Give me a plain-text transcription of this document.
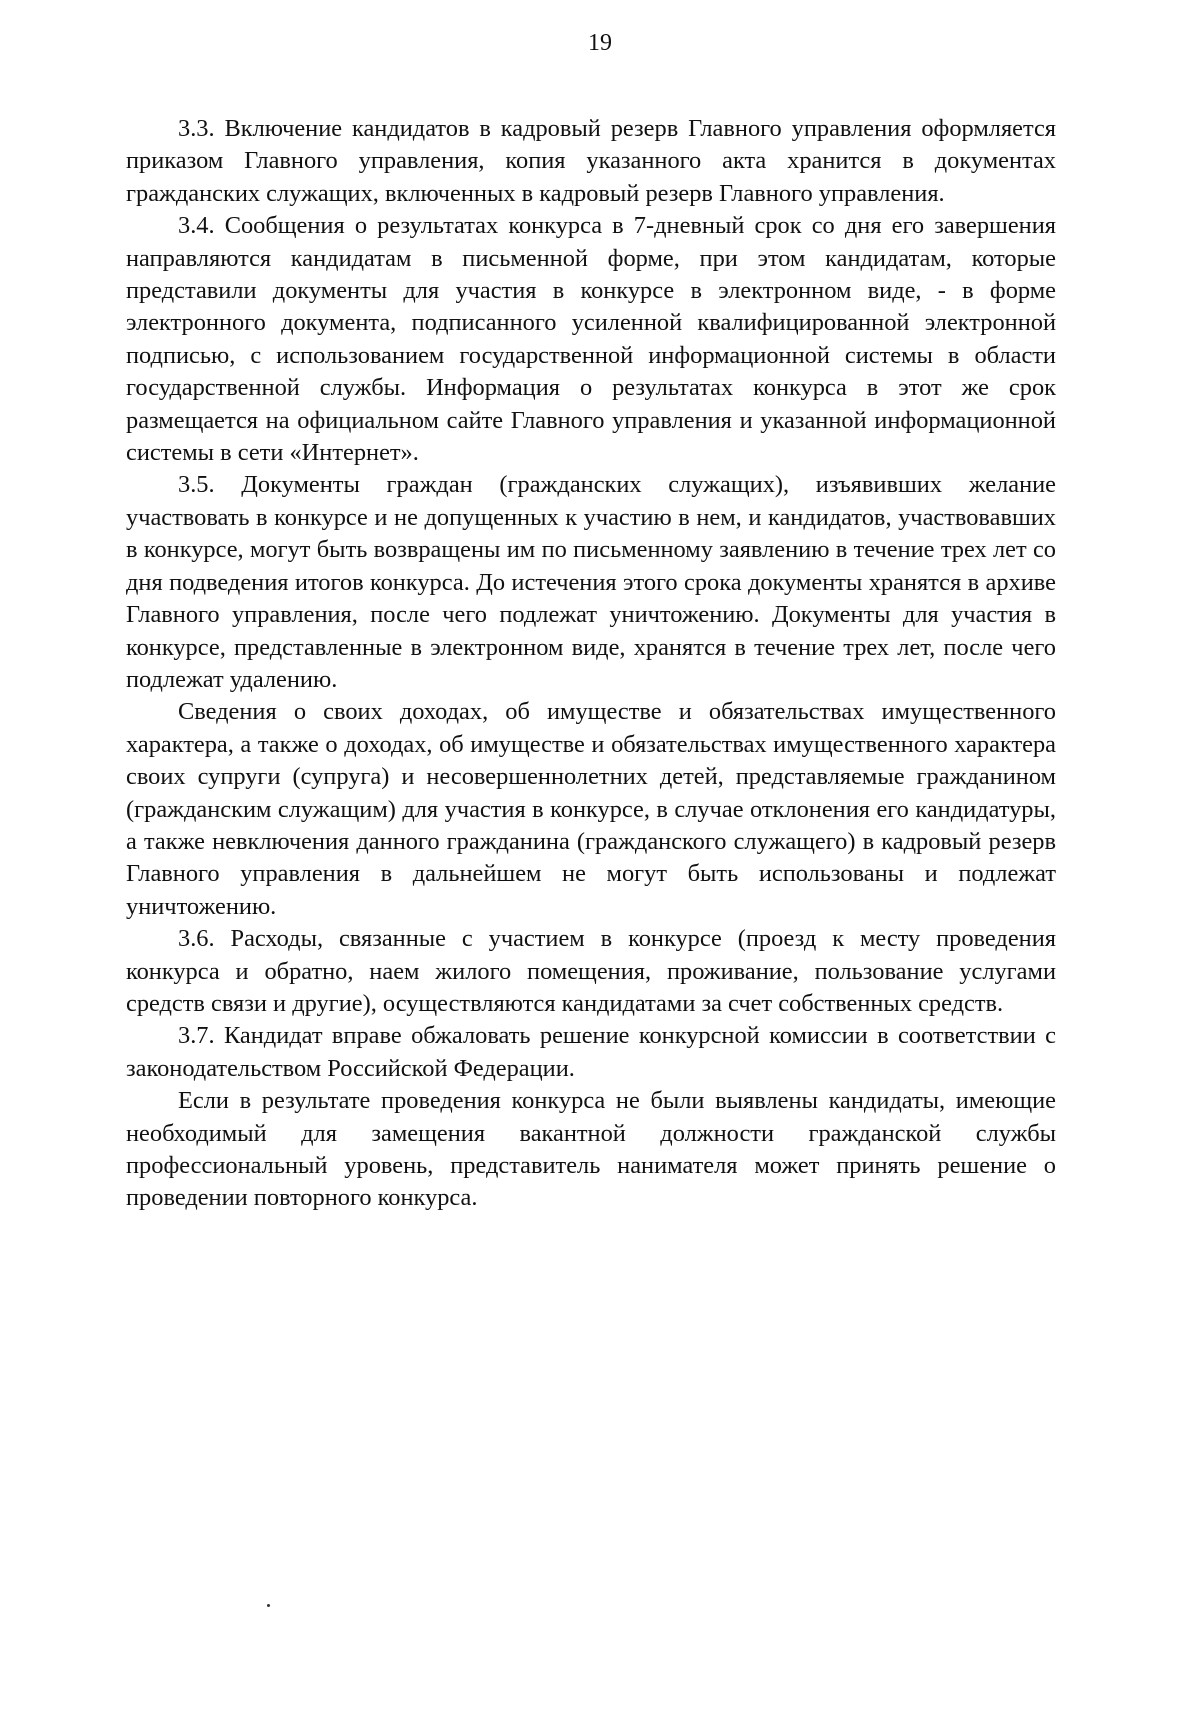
19

3.3. Включение кандидатов в кадровый резерв Главного управления оформляется приказом Главного управления, копия указанного акта хранится в документах гражданских служащих, включенных в кадровый резерв Главного управления.

3.4. Сообщения о результатах конкурса в 7-дневный срок со дня его завершения направляются кандидатам в письменной форме, при этом кандидатам, которые представили документы для участия в конкурсе в электронном виде, - в форме электронного документа, подписанного усиленной квалифицированной электронной подписью, с использованием государственной информационной системы в области государственной службы. Информация о результатах конкурса в этот же срок размещается на официальном сайте Главного управления и указанной информационной системы в сети «Интернет».

3.5. Документы граждан (гражданских служащих), изъявивших желание участвовать в конкурсе и не допущенных к участию в нем, и кандидатов, участвовавших в конкурсе, могут быть возвращены им по письменному заявлению в течение трех лет со дня подведения итогов конкурса. До истечения этого срока документы хранятся в архиве Главного управления, после чего подлежат уничтожению. Документы для участия в конкурсе, представленные в электронном виде, хранятся в течение трех лет, после чего подлежат удалению.

Сведения о своих доходах, об имуществе и обязательствах имущественного характера, а также о доходах, об имуществе и обязательствах имущественного характера своих супруги (супруга) и несовершеннолетних детей, представляемые гражданином (гражданским служащим) для участия в конкурсе, в случае отклонения его кандидатуры, а также невключения данного гражданина (гражданского служащего) в кадровый резерв Главного управления в дальнейшем не могут быть использованы и подлежат уничтожению.

3.6. Расходы, связанные с участием в конкурсе (проезд к месту проведения конкурса и обратно, наем жилого помещения, проживание, пользование услугами средств связи и другие), осуществляются кандидатами за счет собственных средств.

3.7. Кандидат вправе обжаловать решение конкурсной комиссии в соответствии с законодательством Российской Федерации.

Если в результате проведения конкурса не были выявлены кандидаты, имеющие необходимый для замещения вакантной должности гражданской службы профессиональный уровень, представитель нанимателя может принять решение о проведении повторного конкурса.
